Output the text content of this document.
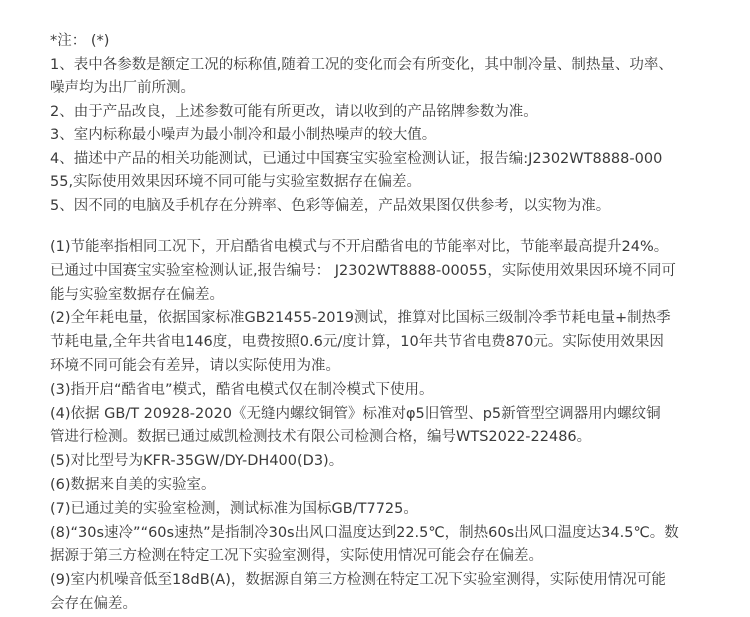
*注： (*)
1、表中各参数是额定工况的标称值,随着工况的变化而会有所变化，其中制冷量、制热量、功率、
噪声均为出厂前所测。
2、由于产品改良，上述参数可能有所更改，请以收到的产品铭牌参数为准。
3、室内标称最小噪声为最小制冷和最小制热噪声的较大值。
4、描述中产品的相关功能测试，已通过中国赛宝实验室检测认证，报告编:J2302WT8888-000
55,实际使用效果因环境不同可能与实验室数据存在偏差。
5、因不同的电脑及手机存在分辨率、色彩等偏差，产品效果图仅供参考，以实物为准。
(1)节能率指相同工况下，开启酷省电模式与不开启酷省电的节能率对比，节能率最高提升24%。
已通过中国赛宝实验室检测认证,报告编号： J2302WT8888-00055，实际使用效果因环境不同可
能与实验室数据存在偏差。
(2)全年耗电量，依据国家标准GB21455-2019测试，推算对比国标三级制冷季节耗电量+制热季
节耗电量,全年共省电146度，电费按照0.6元/度计算，10年共节省电费870元。实际使用效果因
环境不同可能会有差异，请以实际使用为准。
(3)指开启“酷省电”模式，酷省电模式仅在制冷模式下使用。
(4)依据 GB/T 20928-2020《无缝内螺纹铜管》标准对φ5旧管型、p5新管型空调器用内螺纹铜
管进行检测。数据已通过威凯检测技术有限公司检测合格，编号WTS2022-22486。
(5)对比型号为KFR-35GW/DY-DH400(D3)。
(6)数据来自美的实验室。
(7)已通过美的实验室检测，测试标准为国标GB/T7725。
(8)“30s速冷”“60s速热”是指制冷30s出风口温度达到22.5℃，制热60s出风口温度达34.5℃。数
据源于第三方检测在特定工况下实验室测得，实际使用情况可能会存在偏差。
(9)室内机噪音低至18dB(A)，数据源自第三方检测在特定工况下实验室测得，实际使用情况可能
会存在偏差。
